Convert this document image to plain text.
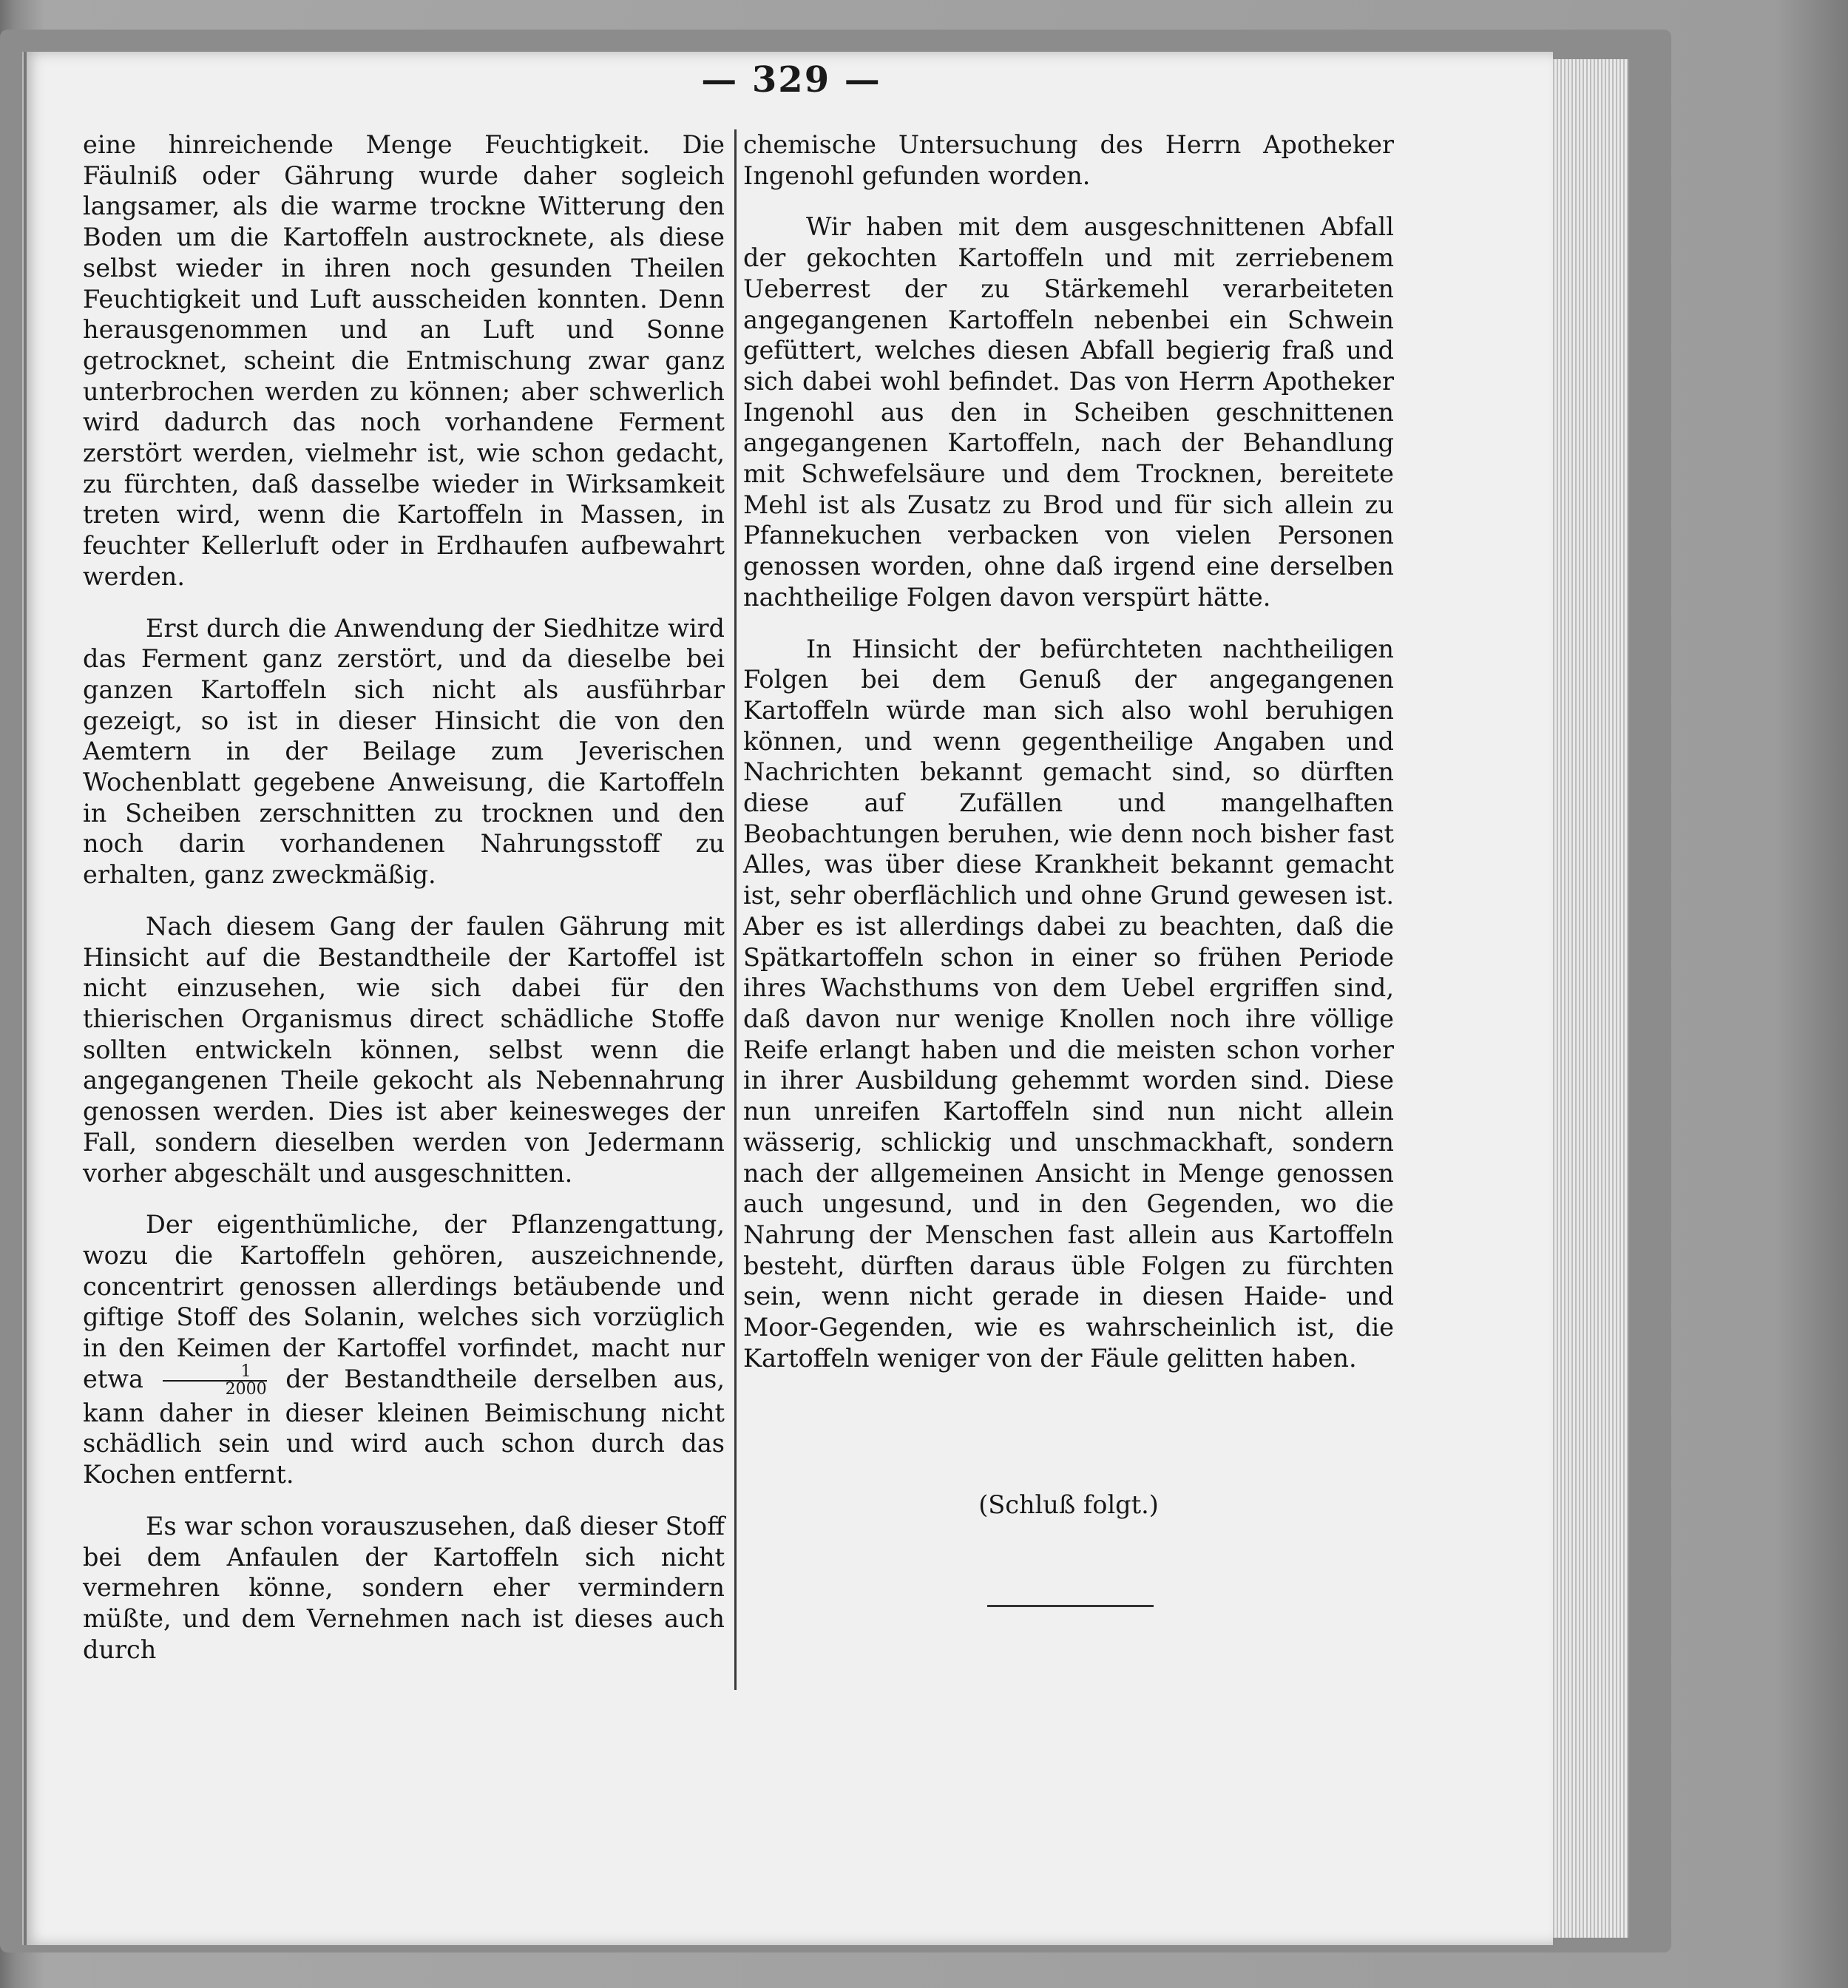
— 329 —

eine hinreichende Menge Feuchtigkeit. Die Fäulniß oder Gährung wurde daher sogleich langsamer, als die warme trockne Witterung den Boden um die Kartoffeln austrocknete, als diese selbst wieder in ihren noch gesunden Theilen Feuchtigkeit und Luft ausscheiden konnten. Denn herausgenommen und an Luft und Sonne getrocknet, scheint die Entmischung zwar ganz unterbrochen werden zu können; aber schwerlich wird dadurch das noch vorhandene Ferment zerstört werden, vielmehr ist, wie schon gedacht, zu fürchten, daß dasselbe wieder in Wirksamkeit treten wird, wenn die Kartoffeln in Massen, in feuchter Kellerluft oder in Erdhaufen aufbewahrt werden.

Erst durch die Anwendung der Siedhitze wird das Ferment ganz zerstört, und da dieselbe bei ganzen Kartoffeln sich nicht als ausführbar gezeigt, so ist in dieser Hinsicht die von den Aemtern in der Beilage zum Jeverischen Wochenblatt gegebene Anweisung, die Kartoffeln in Scheiben zerschnitten zu trocknen und den noch darin vorhandenen Nahrungsstoff zu erhalten, ganz zweckmäßig.

Nach diesem Gang der faulen Gährung mit Hinsicht auf die Bestandtheile der Kartoffel ist nicht einzusehen, wie sich dabei für den thierischen Organismus direct schädliche Stoffe sollten entwickeln können, selbst wenn die angegangenen Theile gekocht als Nebennahrung genossen werden. Dies ist aber keinesweges der Fall, sondern dieselben werden von Jedermann vorher abgeschält und ausgeschnitten.

Der eigenthümliche, der Pflanzengattung, wozu die Kartoffeln gehören, auszeichnende, concentrirt genossen allerdings betäubende und giftige Stoff des Solanin, welches sich vorzüglich in den Keimen der Kartoffel vorfindet, macht nur etwa $\frac{1}{2000}$ der Bestandtheile derselben aus, kann daher in dieser kleinen Beimischung nicht schädlich sein und wird auch schon durch das Kochen entfernt.

Es war schon vorauszusehen, daß dieser Stoff bei dem Anfaulen der Kartoffeln sich nicht vermehren könne, sondern eher vermindern müßte, und dem Vernehmen nach ist dieses auch durch

chemische Untersuchung des Herrn Apotheker Ingenohl gefunden worden.

Wir haben mit dem ausgeschnittenen Abfall der gekochten Kartoffeln und mit zerriebenem Ueberrest der zu Stärkemehl verarbeiteten angegangenen Kartoffeln nebenbei ein Schwein gefüttert, welches diesen Abfall begierig fraß und sich dabei wohl befindet. Das von Herrn Apotheker Ingenohl aus den in Scheiben geschnittenen angegangenen Kartoffeln, nach der Behandlung mit Schwefelsäure und dem Trocknen, bereitete Mehl ist als Zusatz zu Brod und für sich allein zu Pfannekuchen verbacken von vielen Personen genossen worden, ohne daß irgend eine derselben nachtheilige Folgen davon verspürt hätte.

In Hinsicht der befürchteten nachtheiligen Folgen bei dem Genuß der angegangenen Kartoffeln würde man sich also wohl beruhigen können, und wenn gegentheilige Angaben und Nachrichten bekannt gemacht sind, so dürften diese auf Zufällen und mangelhaften Beobachtungen beruhen, wie denn noch bisher fast Alles, was über diese Krankheit bekannt gemacht ist, sehr oberflächlich und ohne Grund gewesen ist. Aber es ist allerdings dabei zu beachten, daß die Spätkartoffeln schon in einer so frühen Periode ihres Wachsthums von dem Uebel ergriffen sind, daß davon nur wenige Knollen noch ihre völlige Reife erlangt haben und die meisten schon vorher in ihrer Ausbildung gehemmt worden sind. Diese nun unreifen Kartoffeln sind nun nicht allein wässerig, schlickig und unschmackhaft, sondern nach der allgemeinen Ansicht in Menge genossen auch ungesund, und in den Gegenden, wo die Nahrung der Menschen fast allein aus Kartoffeln besteht, dürften daraus üble Folgen zu fürchten sein, wenn nicht gerade in diesen Haide- und Moor-Gegenden, wie es wahrscheinlich ist, die Kartoffeln weniger von der Fäule gelitten haben.

(Schluß folgt.)
